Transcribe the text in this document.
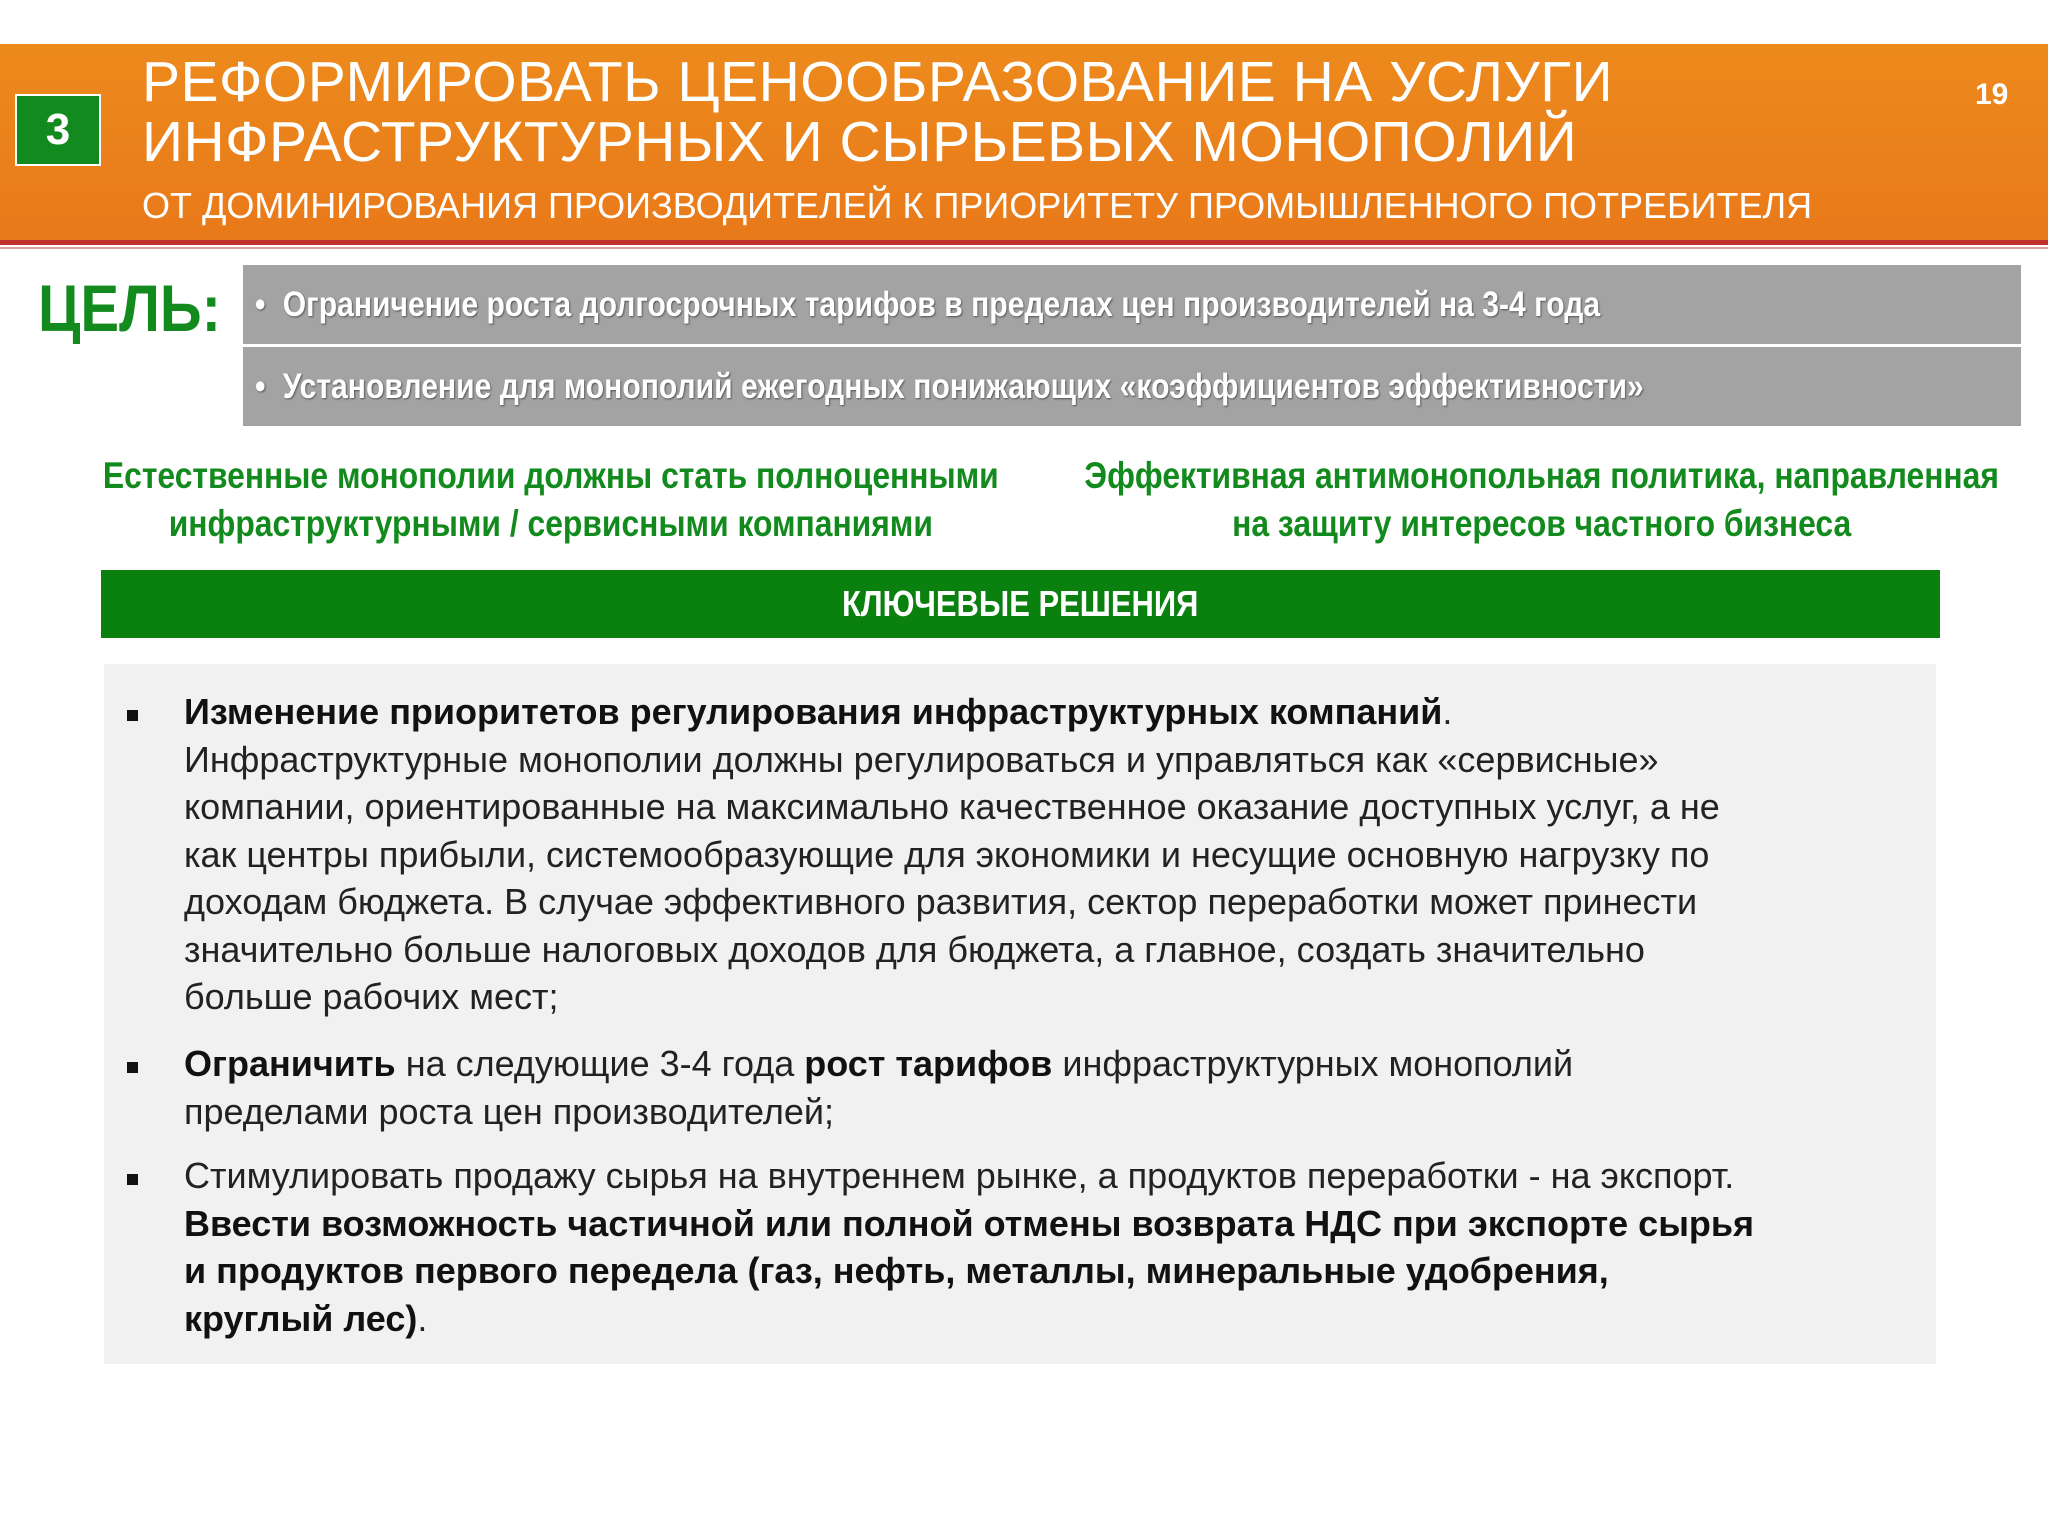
3
РЕФОРМИРОВАТЬ ЦЕНООБРАЗОВАНИЕ НА УСЛУГИ
ИНФРАСТРУКТУРНЫХ И СЫРЬЕВЫХ МОНОПОЛИЙ
ОТ ДОМИНИРОВАНИЯ ПРОИЗВОДИТЕЛЕЙ К ПРИОРИТЕТУ ПРОМЫШЛЕННОГО ПОТРЕБИТЕЛЯ
19
ЦЕЛЬ: • Ограничение роста долгосрочных тарифов в пределах цен производителей на 3-4 года
• Установление для монополий ежегодных понижающих «коэффициентов эффективности»
Естественные монополии должны стать полноценными
инфраструктурными / сервисными компаниями
Эффективная антимонопольная политика, направленная
на защиту интересов частного бизнеса
КЛЮЧЕВЫЕ РЕШЕНИЯ
Изменение приоритетов регулирования инфраструктурных компаний.
Инфраструктурные монополии должны регулироваться и управляться как «сервисные»
компании, ориентированные на максимально качественное оказание доступных услуг, а не
как центры прибыли, системообразующие для экономики и несущие основную нагрузку по
доходам бюджета. В случае эффективного развития, сектор переработки может принести
значительно больше налоговых доходов для бюджета, а главное, создать значительно
больше рабочих мест;
Ограничить на следующие 3-4 года рост тарифов инфраструктурных монополий
пределами роста цен производителей;
Стимулировать продажу сырья на внутреннем рынке, а продуктов переработки - на экспорт.
Ввести возможность частичной или полной отмены возврата НДС при экспорте сырья
и продуктов первого передела (газ, нефть, металлы, минеральные удобрения,
круглый лес).
